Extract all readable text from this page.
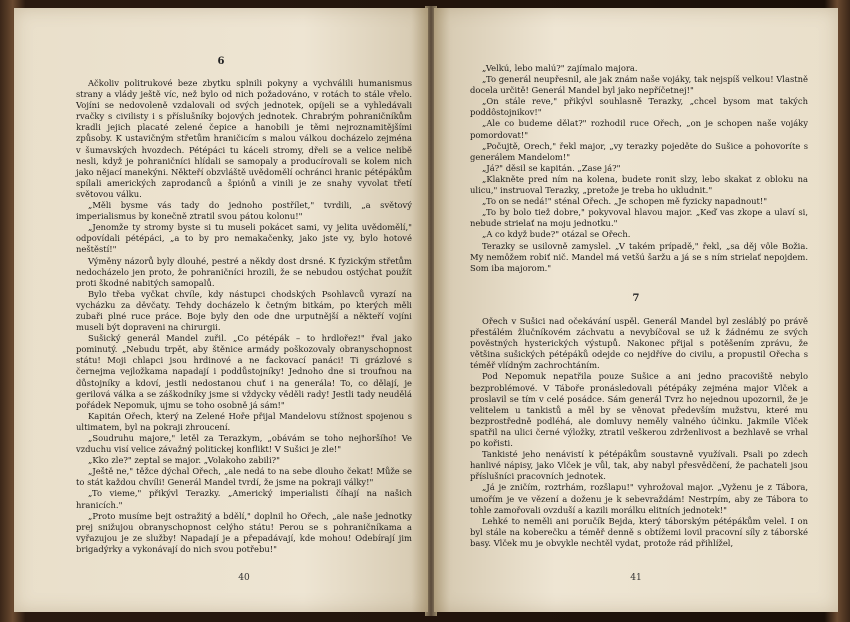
6

Ačkoliv politrukové beze zbytku splnili pokyny a vychválili humanismus strany a vlády ještě víc, než bylo od nich požadováno, v rotách to stále vřelo. Vojíni se nedovoleně vzdalovali od svých jednotek, opíjeli se a vyhledávali rvačky s civilisty i s příslušníky bojových jednotek. Chrabrým pohraničníkům kradli jejich placaté zelené čepice a hanobili je těmi nejroznamitějšími způsoby. K ustavičným střetům hraničicím s malou válkou docházelo zejména v šumavských hvozdech. Pétépáci tu káceli stromy, dřeli se a velice nelibě nesli, když je pohraničníci hlídali se samopaly a producírovali se kolem nich jako nějací manekýni. Někteří obzvláště uvědomělí ochránci hranic pétépákům spílali amerických zaprodanců a špiónů a vinili je ze snahy vyvolat třetí světovou válku.

„Měli bysme vás tady do jednoho postřílet," tvrdili, „a světový imperialismus by konečně ztratil svou pátou kolonu!"

„Jenomže ty stromy byste si tu museli pokácet sami, vy jelita uvědomělí," odpovídali pétépáci, „a to by pro nemakačenky, jako jste vy, bylo hotové neštěstí!"

Výměny názorů byly dlouhé, pestré a někdy dost drsné. K fyzickým střetům nedocházelo jen proto, že pohraničníci hrozili, že se nebudou ostýchat použít proti škodné nabitých samopalů.

Bylo třeba vyčkat chvíle, kdy nástupci chodských Psohlavců vyrazí na vycházku za děvčaty. Tehdy docházelo k četným bitkám, po kterých měli zubaři plné ruce práce. Boje byly den ode dne urputnější a někteří vojíni museli být dopraveni na chirurgii.

Sušický generál Mandel zuřil. „Co pétépák – to hrdlořez!" řval jako pominutý. „Nebudu trpět, aby štěnice armády poškozovaly obranyschopnost státu! Moji chlapci jsou hrdinové a ne fackovací panáci! Ti grázlové s černejma vejložkama napadají i poddůstojníky! Jednoho dne si troufnou na důstojníky a kdoví, jestli nedostanou chuť i na generála! To, co dělají, je gerilová válka a se záškodníky jsme si vždycky věděli rady! Jestli tady neudělá pořádek Nepomuk, ujmu se toho osobně já sám!"

Kapitán Ořech, který na Zelené Hoře přijal Mandelovu stížnost spojenou s ultimatem, byl na pokraji zhroucení.

„Soudruhu majore," letěl za Terazkym, „obávám se toho nejhoršího! Ve vzduchu visí velice závažný politickej konflikt! V Sušici je zle!"

„Kko zle?" zeptal se major. „Volakoho zabili?"

„Ještě ne," těžce dýchal Ořech, „ale nedá to na sebe dlouho čekat! Může se to stát každou chvíli! Generál Mandel tvrdí, že jsme na pokraji války!"

„To vieme," přikývl Terazky. „Americký imperialisti číhají na našich hranicích."

„Proto musíme bejt ostražitý a bdělí," doplnil ho Ořech, „ale naše jednotky prej snižujou obranyschopnost celýho státu! Perou se s pohraničníkama a vyřazujou je ze služby! Napadají je a přepadávají, kde mohou! Odebírají jim brigadýrky a vykonávají do nich svou potřebu!"

40

„Velkú, lebo malú?" zajímalo majora.

„To generál neupřesnil, ale jak znám naše vojáky, tak nejspíš velkou! Vlastně docela určitě! Generál Mandel byl jako nepříčetnej!"

„On stále reve," přikývl souhlasně Terazky, „chcel bysom mat takých poddôstojnikov!"

„Ale co budeme dělat?" rozhodil ruce Ořech, „on je schopen naše vojáky pomordovat!"

„Počujtě, Orech," řekl major, „vy terazky pojeděte do Sušice a pohovoríte s generálem Mandelom!"

„Já?" děsil se kapitán. „Zase já?"

„Klakněte pred ním na kolena, budete ronit slzy, lebo skakat z obloku na ulicu," instruoval Terazky, „pretože je treba ho ukludnit."

„To on se nedá!" sténal Ořech. „Je schopen mě fyzicky napadnout!"

„To by bolo tiež dobre," pokyvoval hlavou major. „Keď vas zkope a ulaví si, nebude strielať na moju jednotku."

„A co když bude?" otázal se Ořech.

Terazky se usilovně zamyslel. „V takém prípadě," řekl, „sa děj vôle Božia. My nemôžem robiť nič. Mandel má vetšú šaržu a já se s ním strielať nepojdem. Som iba majorom."

7

Ořech v Sušici nad očekávání uspěl. Generál Mandel byl zesláblý po právě přestálém žlučníkovém záchvatu a nevybíčoval se už k žádnému ze svých pověstných hysterických výstupů. Nakonec přijal s potěšením zprávu, že většina sušických pétépáků odejde co nejdříve do civilu, a propustil Ořecha s téměř vlídným zachrochtáním.

Pod Nepomuk nepatřila pouze Sušice a ani jedno pracoviště nebylo bezproblémové. V Táboře pronásledovali pétépáky zejména major Vlček a proslavil se tím v celé posádce. Sám generál Tvrz ho nejednou upozornil, že je velitelem u tankistů a měl by se věnovat především mužstvu, které mu bezprostředně podléhá, ale domluvy neměly valného účinku. Jakmile Vlček spatřil na ulici černé výložky, ztratil veškerou zdrženlivost a bezhlavě se vrhal po kořisti.

Tankisté jeho nenávistí k pétépákům soustavně využívali. Psali po zdech hanlivé nápisy, jako Vlček je vůl, tak, aby nabyl přesvědčení, že pachateli jsou příslušníci pracovních jednotek.

„Já je zničím, roztrhám, rozšlapu!" vyhrožoval major. „Vyženu je z Tábora, umořím je ve vězení a doženu je k sebevraždám! Nestrpím, aby ze Tábora to tohle zamořovali ovzduší a kazili morálku elitních jednotek!"

Lehké to neměli ani poručík Bejda, který táborským pétépákům velel. I on byl stále na koberečku a téměř denně s obtížemi lovil pracovní síly z táborské basy. Vlček mu je obvykle nechtěl vydat, protože rád přihlížel,

41
